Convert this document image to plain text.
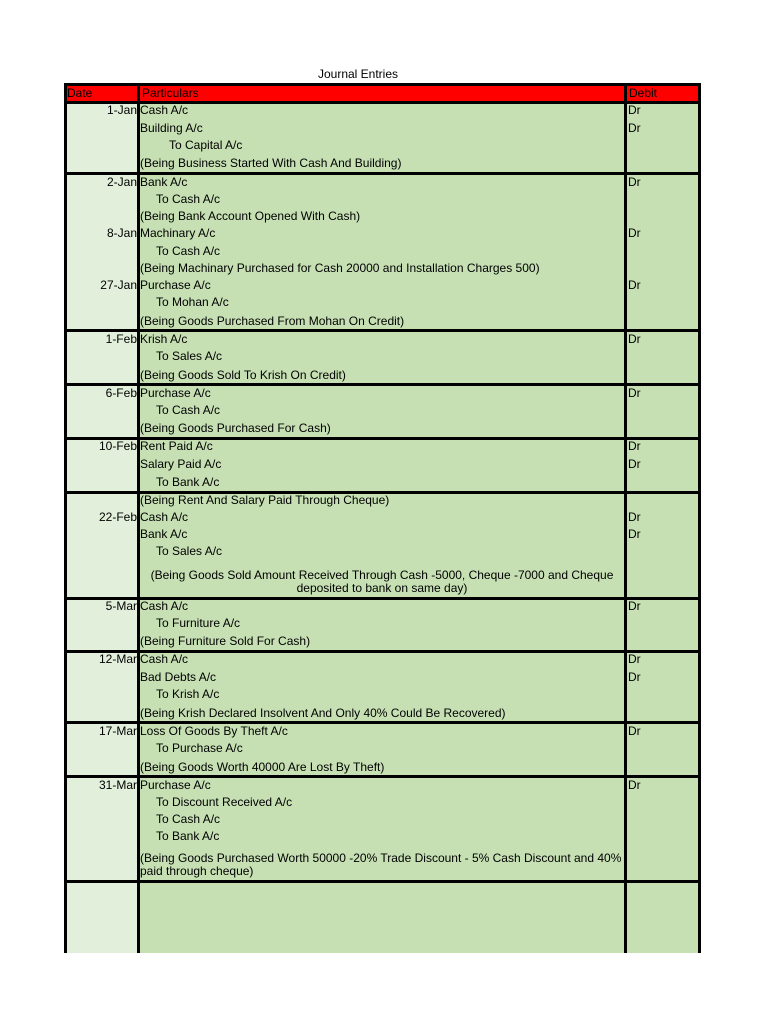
Journal Entries
Date	Particulars	Debit
1-Jan Cash A/c	Dr
Building A/c	Dr
To Capital A/c
(Being Business Started With Cash And Building)
2-Jan Bank A/c	Dr
To Cash A/c
(Being Bank Account Opened With Cash)
8-Jan Machinary A/c	Dr
To Cash A/c
(Being Machinary Purchased for Cash 20000 and Installation Charges 500)
27-Jan Purchase A/c	Dr
To Mohan A/c
(Being Goods Purchased From Mohan On Credit)
1-Feb Krish A/c	Dr
To Sales A/c
(Being Goods Sold To Krish On Credit)
6-Feb Purchase A/c	Dr
To Cash A/c
(Being Goods Purchased For Cash)
10-Feb Rent Paid A/c	Dr
Salary Paid A/c	Dr
To Bank A/c
(Being Rent And Salary Paid Through Cheque)
22-Feb Cash A/c	Dr
Bank A/c	Dr
To Sales A/c
(Being Goods Sold Amount Received Through Cash -5000, Cheque -7000 and Cheque deposited to bank on same day)
5-Mar Cash A/c	Dr
To Furniture A/c
(Being Furniture Sold For Cash)
12-Mar Cash A/c	Dr
Bad Debts A/c	Dr
To Krish A/c
(Being Krish Declared Insolvent And Only 40% Could Be Recovered)
17-Mar Loss Of Goods By Theft A/c	Dr
To Purchase A/c
(Being Goods Worth 40000 Are Lost By Theft)
31-Mar Purchase A/c	Dr
To Discount Received A/c
To Cash A/c
To Bank A/c
(Being Goods Purchased Worth 50000 -20% Trade Discount - 5% Cash Discount and 40% paid through cheque)
